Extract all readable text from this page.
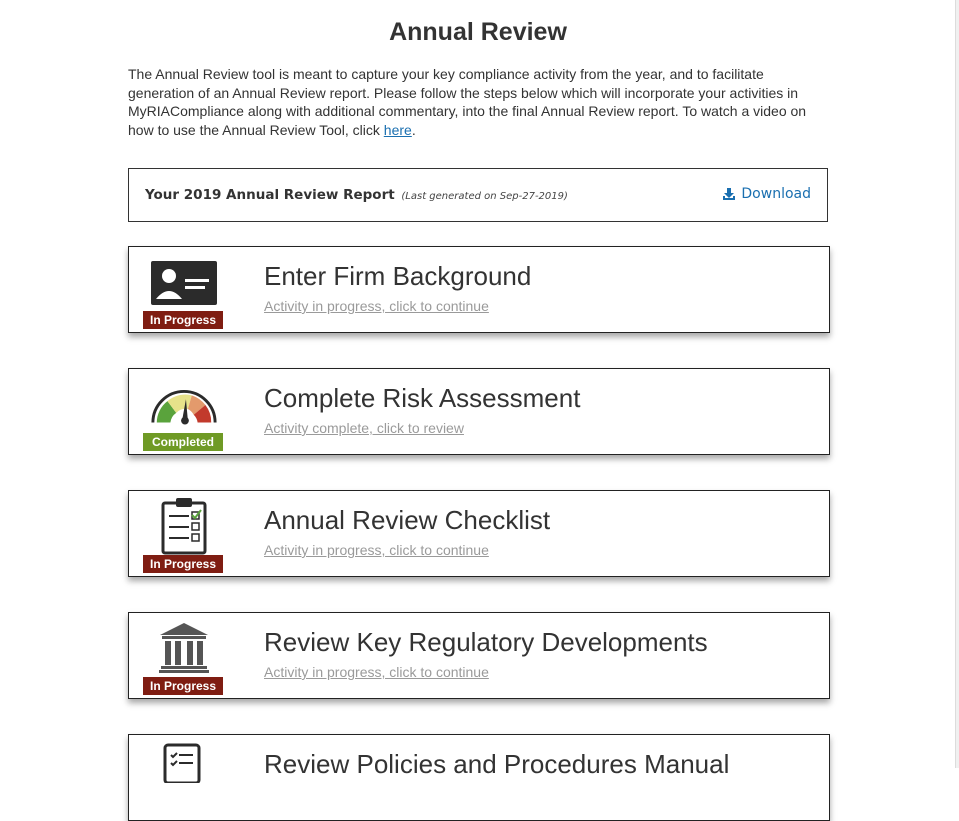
Annual Review

The Annual Review tool is meant to capture your key compliance activity from the year, and to facilitate generation of an Annual Review report. Please follow the steps below which will incorporate your activities in MyRIACompliance along with additional commentary, into the final Annual Review report. To watch a video on how to use the Annual Review Tool, click here.

Your 2019 Annual Review Report (Last generated on Sep-27-2019)	Download
In Progress
Enter Firm Background
Activity in progress, click to continue
Completed
Complete Risk Assessment
Activity complete, click to review
In Progress
Annual Review Checklist
Activity in progress, click to continue
In Progress
Review Key Regulatory Developments
Activity in progress, click to continue
Review Policies and Procedures Manual
